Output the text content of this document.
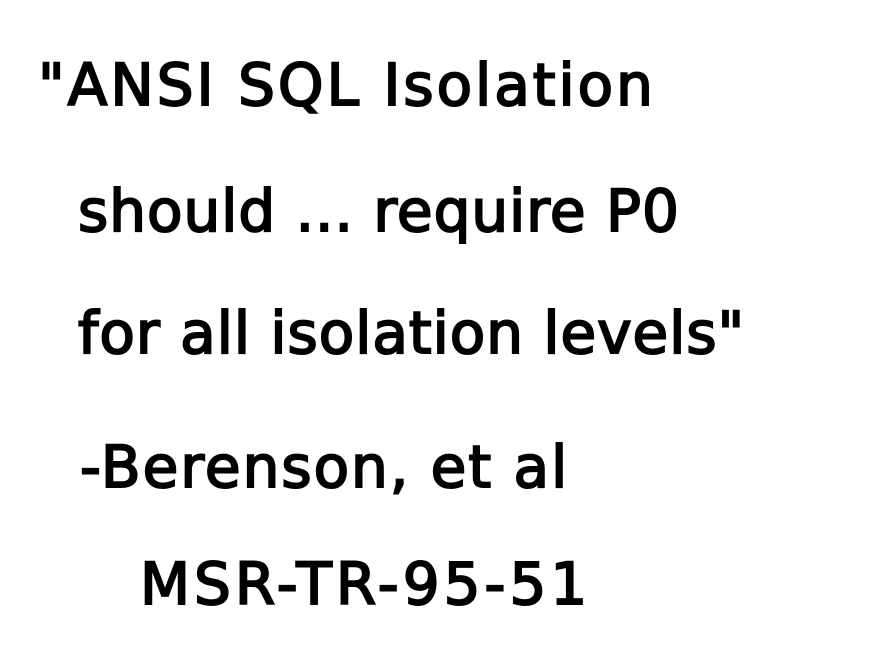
"ANSI SQL Isolation
should ... require P0
for all isolation levels"
-Berenson, et al
MSR-TR-95-51
